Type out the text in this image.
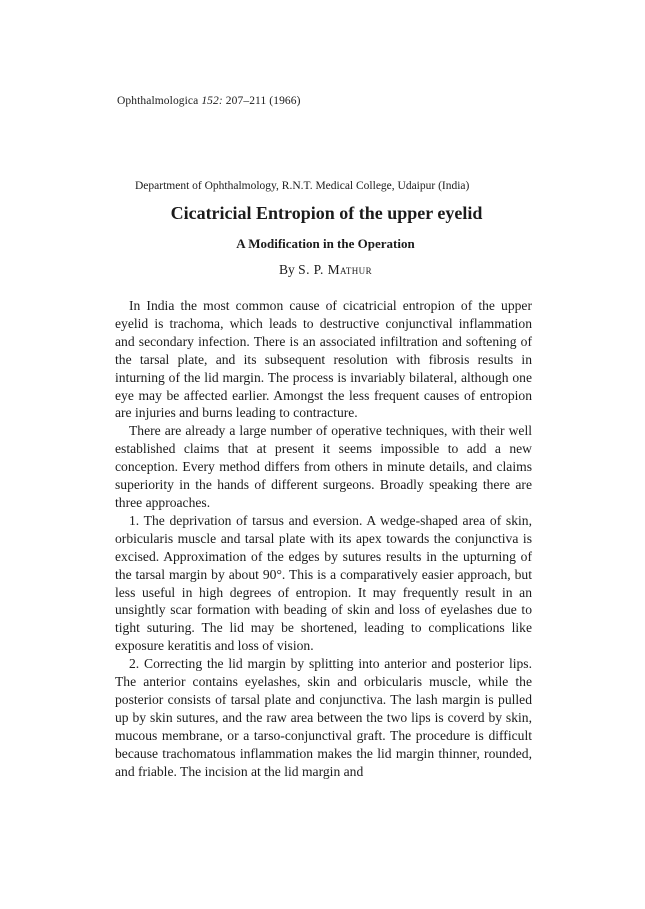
Ophthalmologica 152: 207–211 (1966)
Department of Ophthalmology, R.N.T. Medical College, Udaipur (India)
Cicatricial Entropion of the upper eyelid
A Modification in the Operation
By S. P. Mathur

In India the most common cause of cicatricial entropion of the upper eyelid is trachoma, which leads to destructive conjunctival inflammation and secondary infection. There is an associated infiltration and softening of the tarsal plate, and its subsequent resolution with fibrosis results in inturning of the lid margin. The process is invariably bilateral, although one eye may be affected earlier. Amongst the less frequent causes of entropion are injuries and burns leading to contracture.

There are already a large number of operative techniques, with their well established claims that at present it seems impossible to add a new conception. Every method differs from others in minute details, and claims superiority in the hands of different surgeons. Broadly speaking there are three approaches.

1. The deprivation of tarsus and eversion. A wedge-shaped area of skin, orbicularis muscle and tarsal plate with its apex towards the conjunctiva is excised. Approximation of the edges by sutures results in the upturning of the tarsal margin by about 90°. This is a comparatively easier approach, but less useful in high degrees of entropion. It may frequently result in an unsightly scar formation with beading of skin and loss of eyelashes due to tight suturing. The lid may be shortened, leading to complications like exposure keratitis and loss of vision.

2. Correcting the lid margin by splitting into anterior and posterior lips. The anterior contains eyelashes, skin and orbicularis muscle, while the posterior consists of tarsal plate and conjunctiva. The lash margin is pulled up by skin sutures, and the raw area between the two lips is coverd by skin, mucous membrane, or a tarso-conjunctival graft. The procedure is difficult because trachomatous inflammation makes the lid margin thinner, rounded, and friable. The incision at the lid margin and
